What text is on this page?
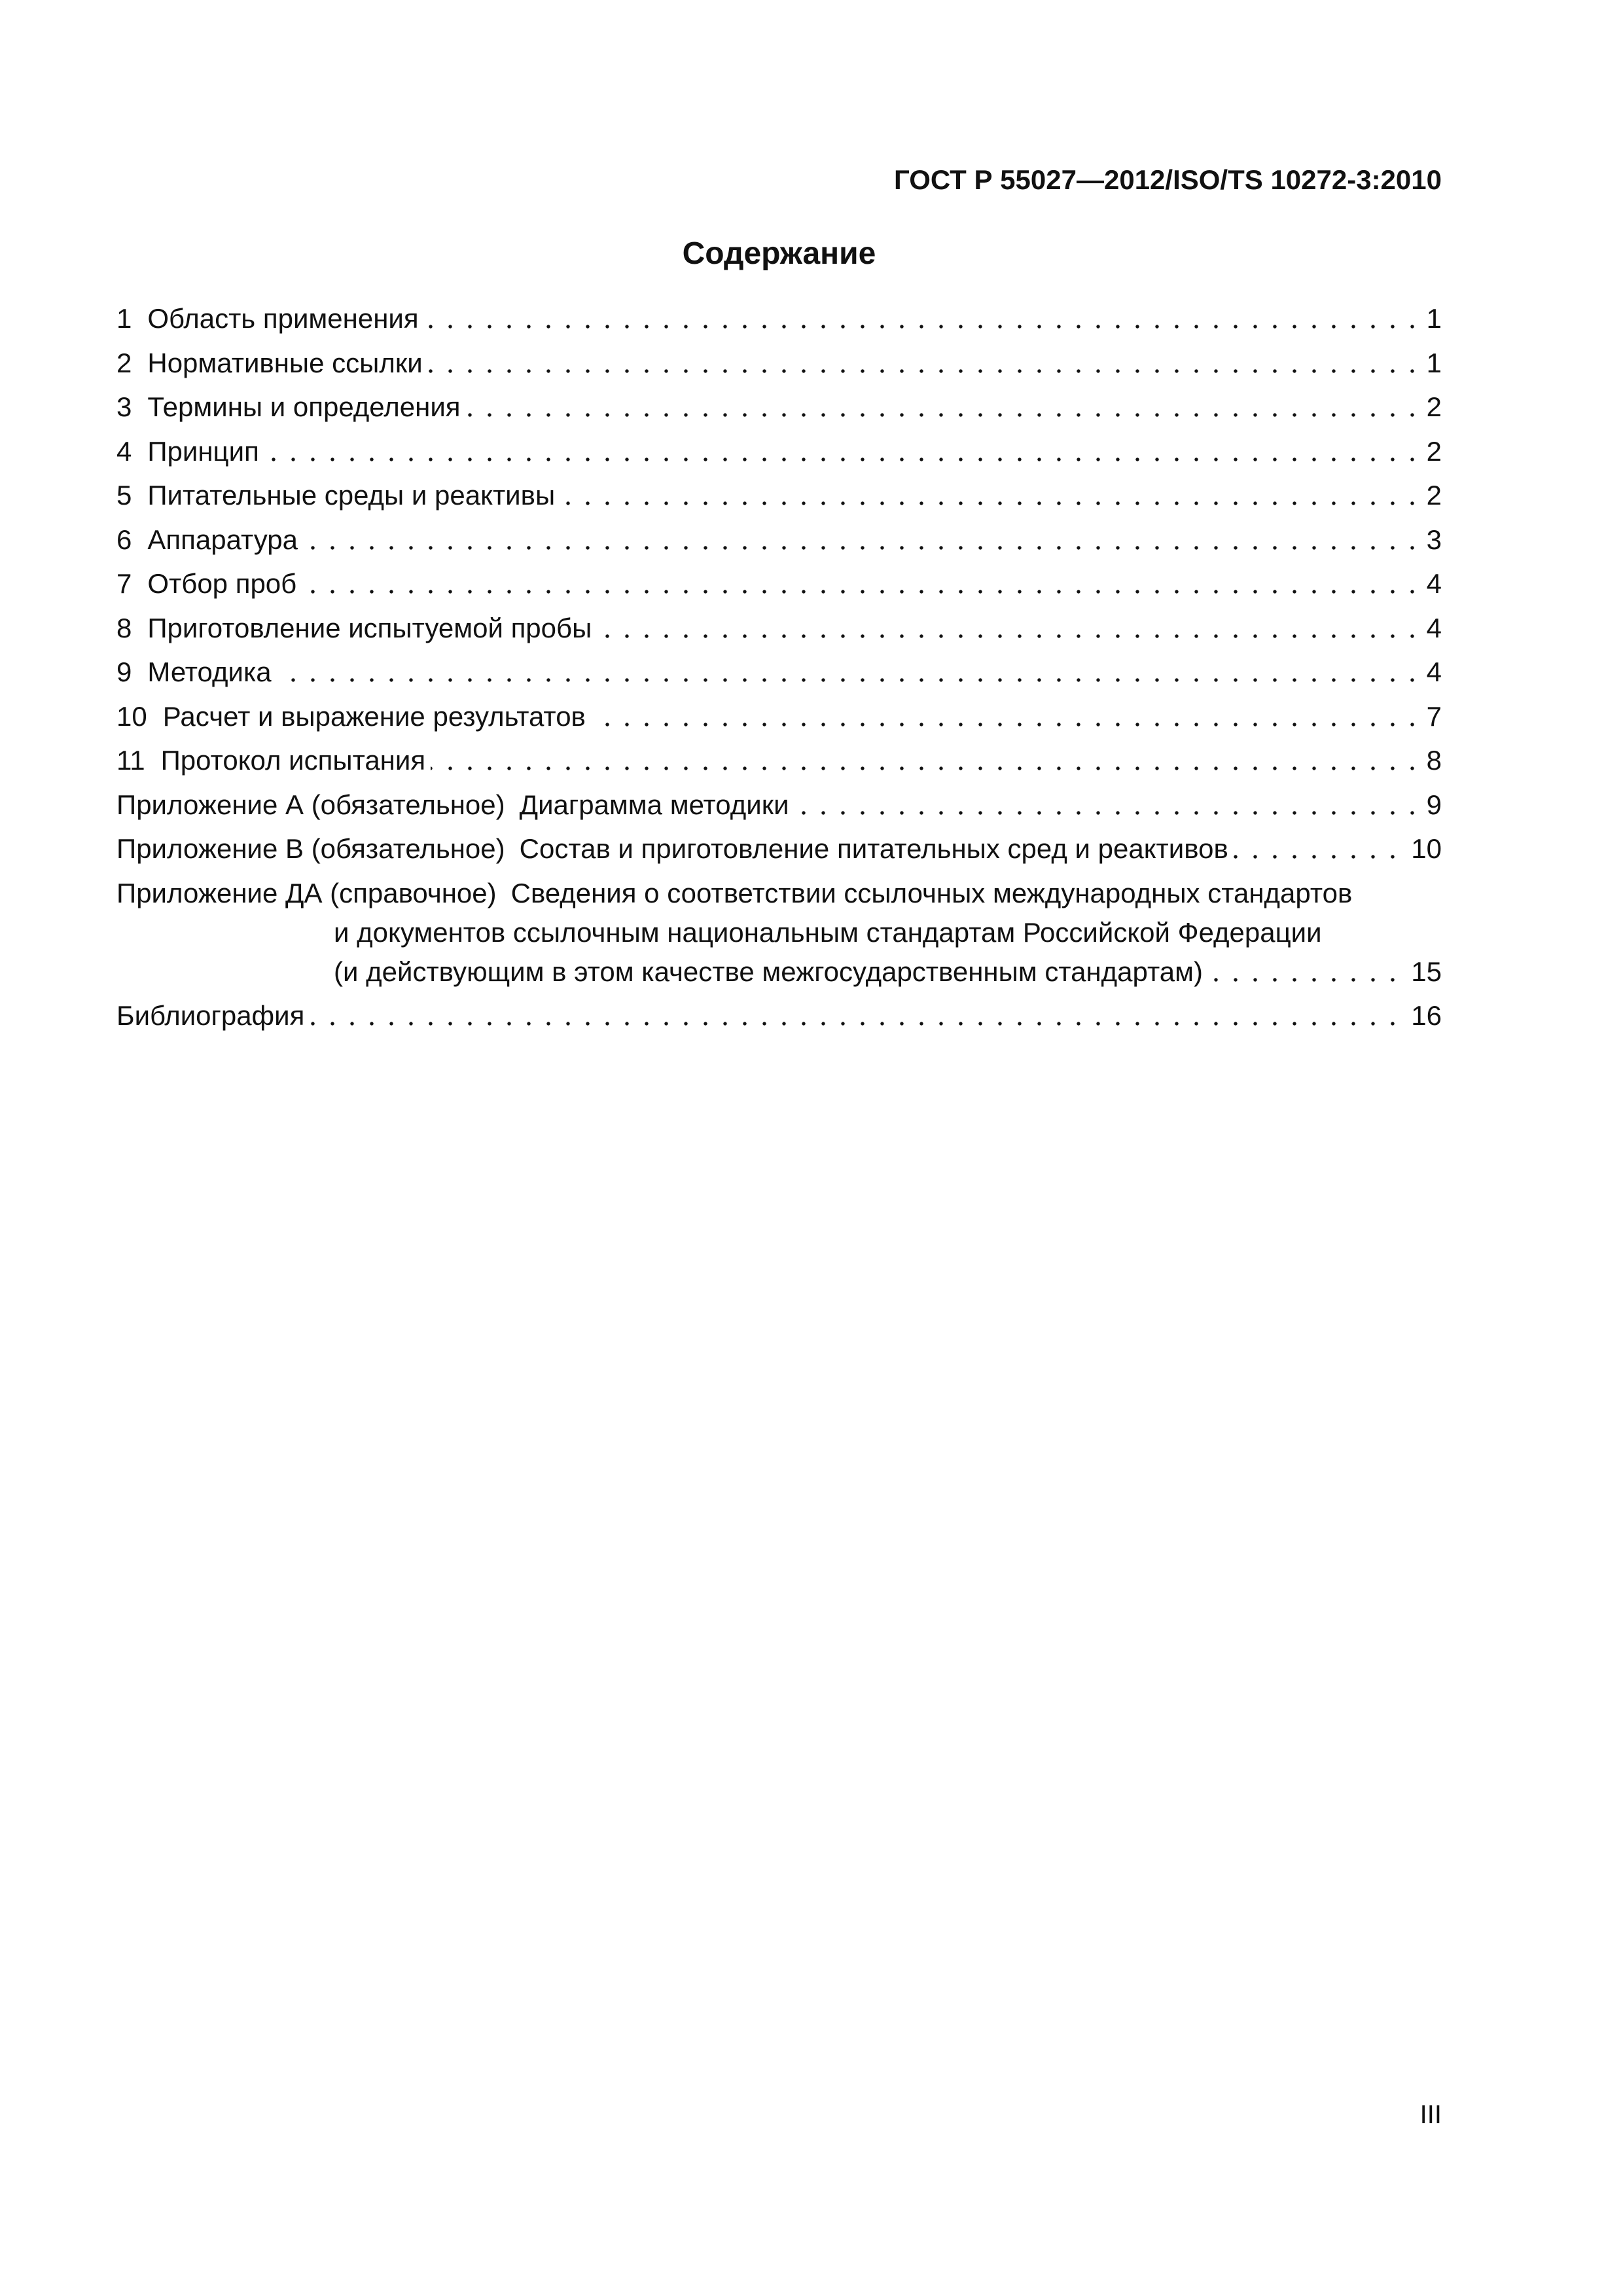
ГОСТ Р 55027—2012/ISO/TS 10272-3:2010
Содержание
1 Область применения	1
2 Нормативные ссылки	1
3 Термины и определения	2
4 Принцип	2
5 Питательные среды и реактивы	2
6 Аппаратура	3
7 Отбор проб	4
8 Приготовление испытуемой пробы	4
9 Методика	4
10 Расчет и выражение результатов	7
11 Протокол испытания	8
Приложение А (обязательное) Диаграмма методики	9
Приложение В (обязательное) Состав и приготовление питательных сред и реактивов	10
Приложение ДА (справочное) Сведения о соответствии ссылочных международных стандартов
и документов ссылочным национальным стандартам Российской Федерации
(и действующим в этом качестве межгосударственным стандартам)	15
Библиография	16
III
